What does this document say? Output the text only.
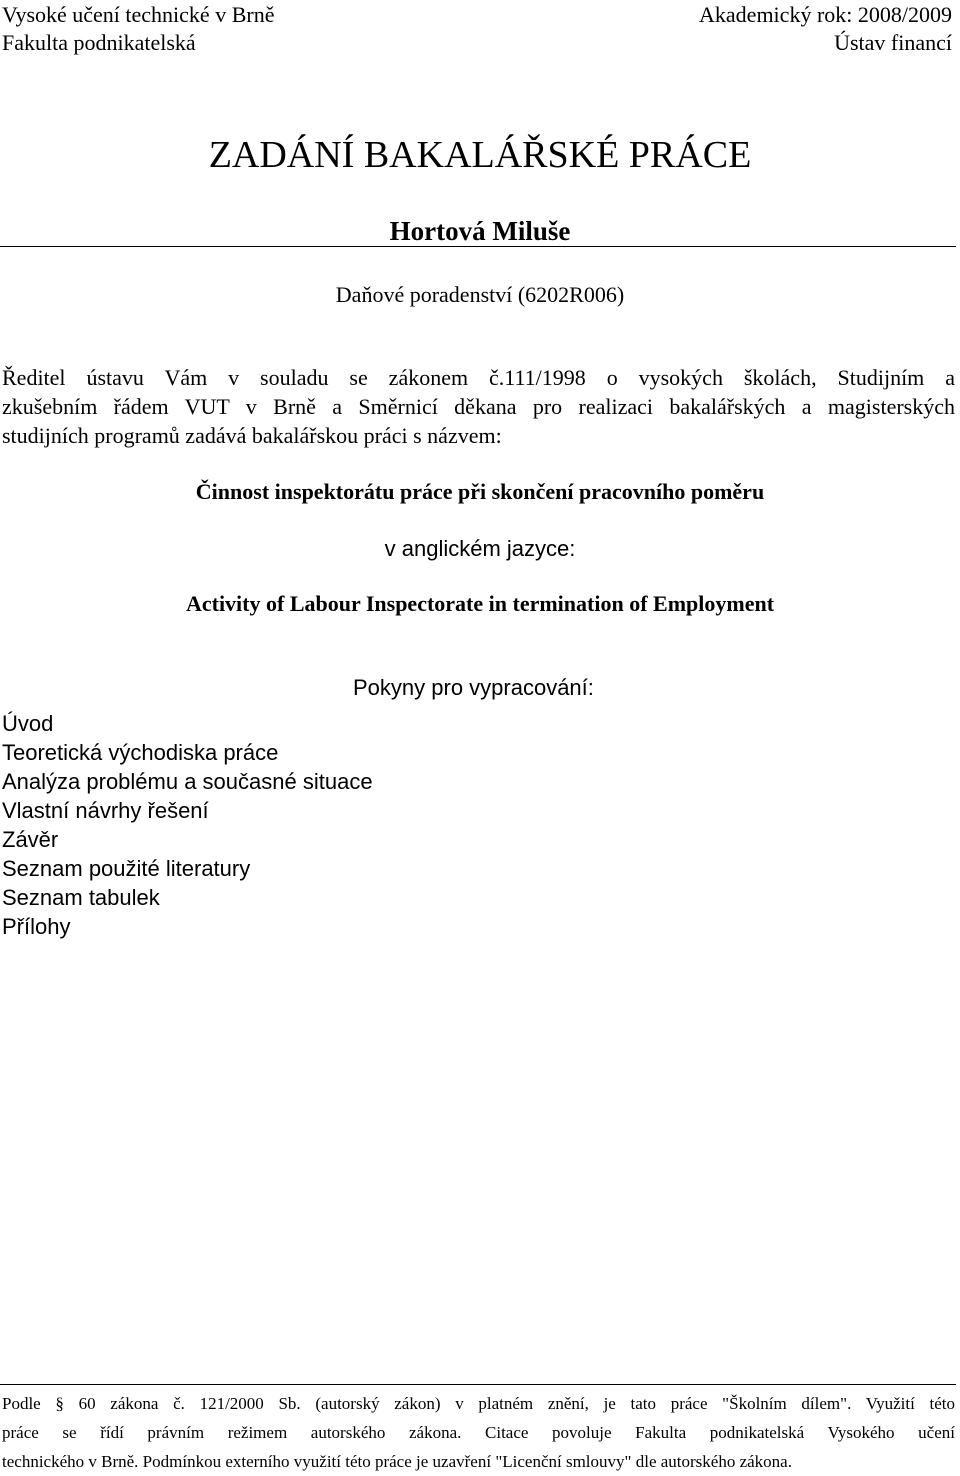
Vysoké učení technické v Brně	Akademický rok: 2008/2009
Fakulta podnikatelská	Ústav financí
ZADÁNÍ BAKALÁŘSKÉ PRÁCE
Hortová Miluše
Daňové poradenství (6202R006)
Ředitel ústavu Vám v souladu se zákonem č.111/1998 o vysokých školách, Studijním a
zkušebním řádem VUT v Brně a Směrnicí děkana pro realizaci bakalářských a magisterských
studijních programů zadává bakalářskou práci s názvem:
Činnost inspektorátu práce při skončení pracovního poměru
v anglickém jazyce:
Activity of Labour Inspectorate in termination of Employment
Pokyny pro vypracování:
Úvod
Teoretická východiska práce
Analýza problému a současné situace
Vlastní návrhy řešení
Závěr
Seznam použité literatury
Seznam tabulek
Přílohy
Podle § 60 zákona č. 121/2000 Sb. (autorský zákon) v platném znění, je tato práce "Školním dílem". Využití této
práce se řídí právním režimem autorského zákona. Citace povoluje Fakulta podnikatelská Vysokého učení
technického v Brně. Podmínkou externího využití této práce je uzavření "Licenční smlouvy" dle autorského zákona.
